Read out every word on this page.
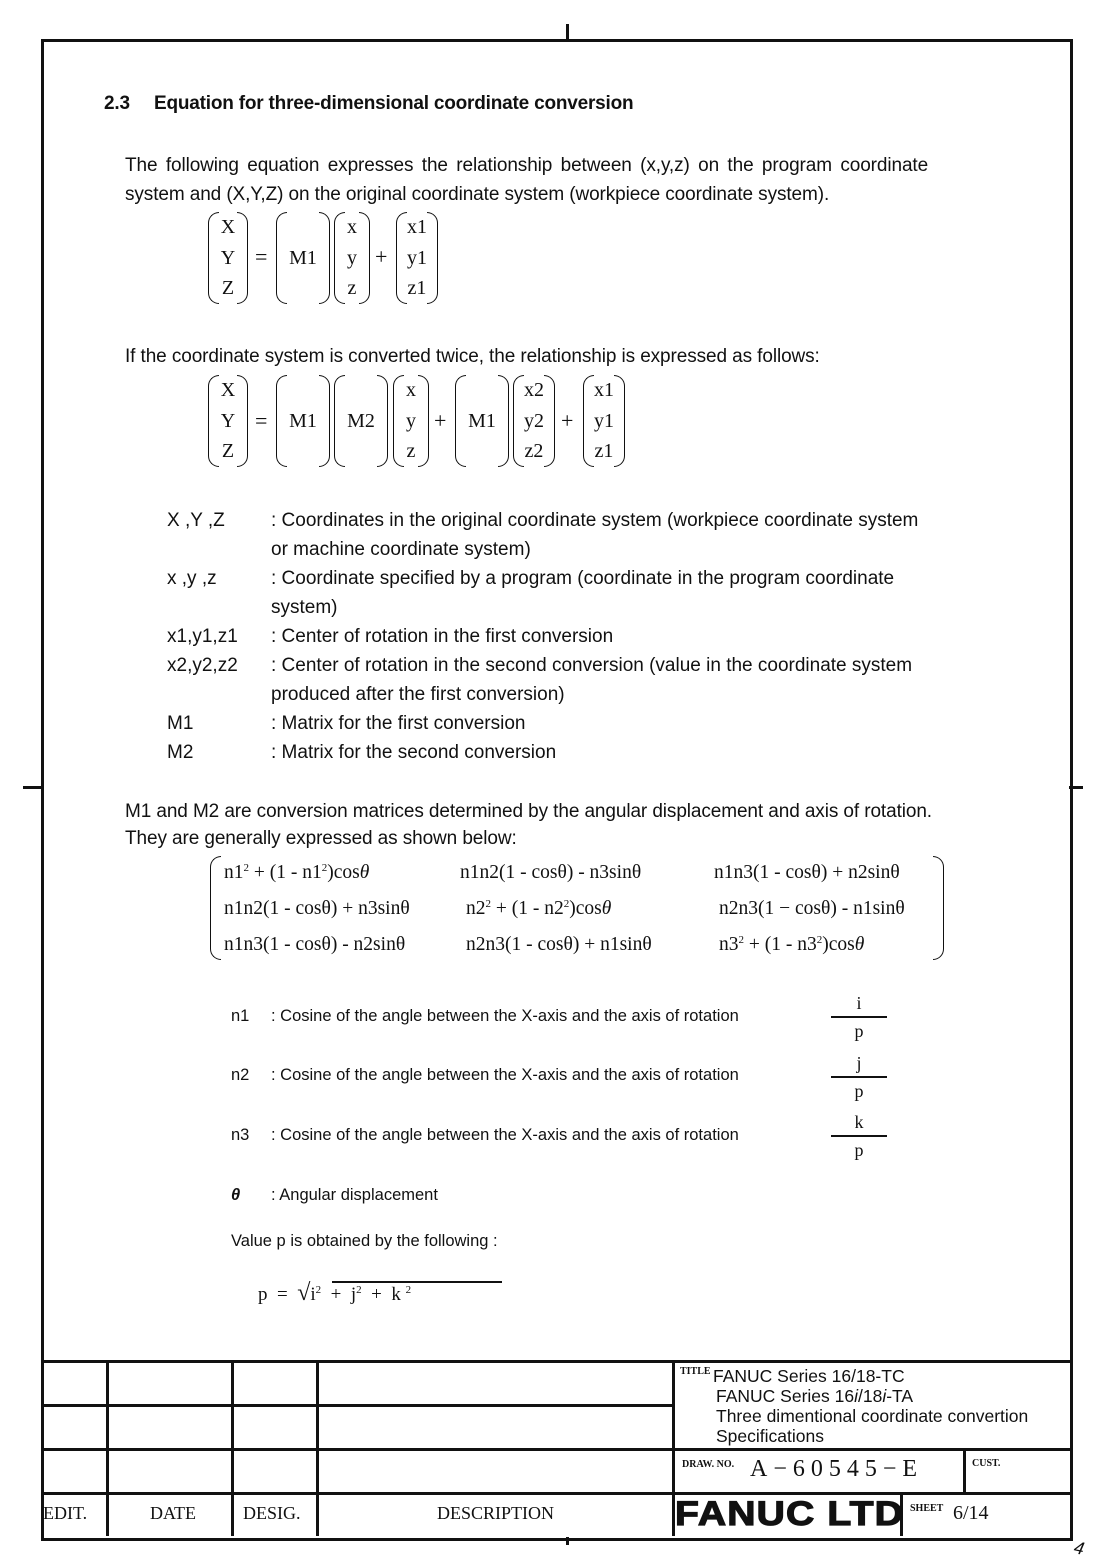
4
2.3 Equation for three-dimensional coordinate conversion
The following equation expresses the relationship between (x,y,z) on the program coordinate
system and (X,Y,Z) on the original coordinate system (workpiece coordinate system).
X
Y
Z
=	M1
x
y
z
+
x1
y1
z1
If the coordinate system is converted twice, the relationship is expressed as follows:
X
Y
Z
=	M1	M2
x
y
z
+	M1
x2
y2
z2
+
x1
y1
z1
X ,Y ,Z	: Coordinates in the original coordinate system (workpiece coordinate system
or machine coordinate system)
x ,y ,z	: Coordinate specified by a program (coordinate in the program coordinate
system)
x1,y1,z1	: Center of rotation in the first conversion
x2,y2,z2	: Center of rotation in the second conversion (value in the coordinate system
produced after the first conversion)
M1	: Matrix for the first conversion
M2	: Matrix for the second conversion
M1 and M2 are conversion matrices determined by the angular displacement and axis of rotation.
They are generally expressed as shown below:
$n1^2 + (1 - n1^2)\cos\theta$	n1n2(1 - cosθ) - n3sinθ	n1n3(1 - cosθ) + n2sinθ
n1n2(1 - cosθ) + n3sinθ	$n2^2 + (1 - n2^2)\cos\theta$	n2n3(1 − cosθ) - n1sinθ
n1n3(1 - cosθ) - n2sinθ	n2n3(1 - cosθ) + n1sinθ	$n3^2 + (1 - n3^2)\cos\theta$
n1 : Cosine of the angle between the X-axis and the axis of rotation
i
p
n2 : Cosine of the angle between the X-axis and the axis of rotation
j
p
n3 : Cosine of the angle between the X-axis and the axis of rotation
k
p
θ : Angular displacement
Value p is obtained by the following :
$p = √i^2 + j^2 + k$ $^2$
EDIT.	DATE	DESIG.	DESCRIPTION
TITLE FANUC Series 16/18-TC
FANUC Series 16i/18i-TA
Three dimentional coordinate convertion
Specifications
DRAW. NO. A−60545−E	CUST.
FANUC LTD SHEET 6/14
